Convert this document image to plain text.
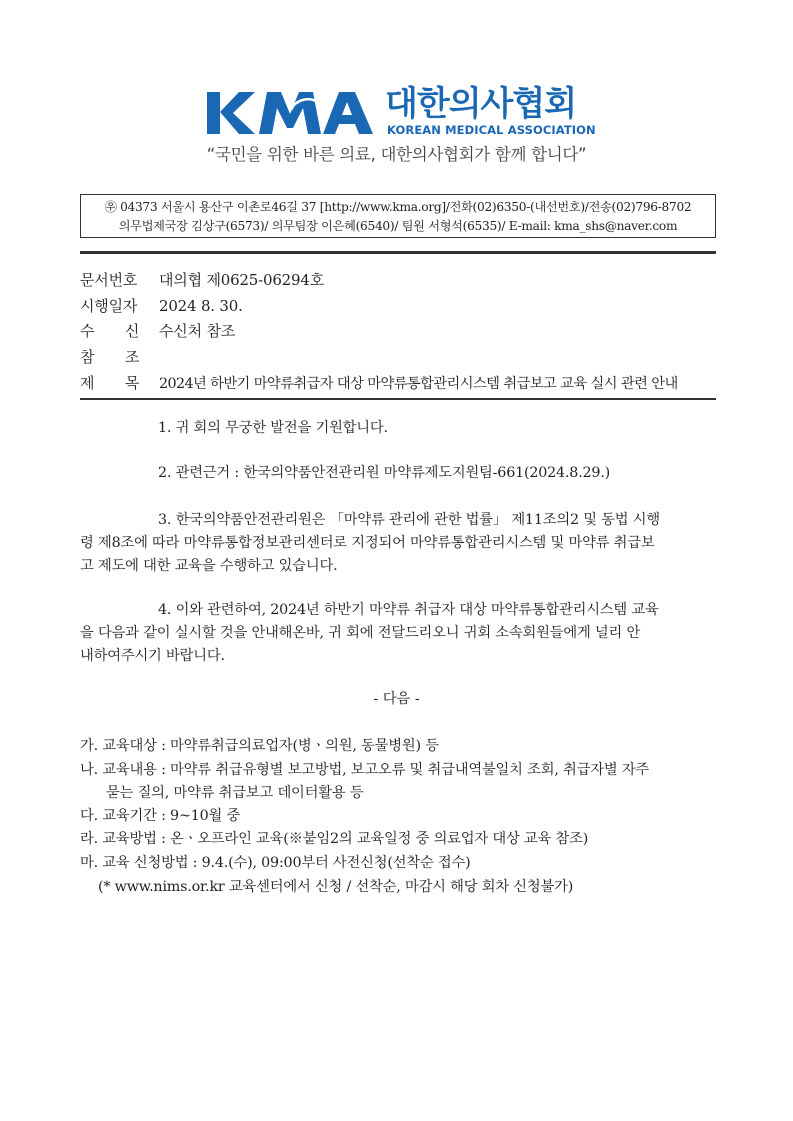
대한의사협회
KOREAN MEDICAL ASSOCIATION
“국민을 위한 바른 의료, 대한의사협회가 함께 합니다”
㉾ 04373 서울시 용산구 이촌로46길 37 [http://www.kma.org]/전화(02)6350-(내선번호)/전송(02)796-8702
의무법제국장 김상구(6573)/ 의무팀장 이은혜(6540)/ 팀원 서형석(6535)/ E-mail: kma_shs@naver.com
문서번호 대의협 제0625-06294호
시행일자 2024 8. 30.
수 신 수신처 참조
참 조
제 목 2024년 하반기 마약류취급자 대상 마약류통합관리시스템 취급보고 교육 실시 관련 안내
1. 귀 회의 무궁한 발전을 기원합니다.
2. 관련근거 : 한국의약품안전관리원 마약류제도지원팀-661(2024.8.29.)
3. 한국의약품안전관리원은 「마약류 관리에 관한 법률」 제11조의2 및 동법 시행
령 제8조에 따라 마약류통합정보관리센터로 지정되어 마약류통합관리시스템 및 마약류 취급보
고 제도에 대한 교육을 수행하고 있습니다.
4. 이와 관련하여, 2024년 하반기 마약류 취급자 대상 마약류통합관리시스템 교육
을 다음과 같이 실시할 것을 안내해온바, 귀 회에 전달드리오니 귀회 소속회원들에게 널리 안
내하여주시기 바랍니다.
- 다음 -
가. 교육대상 : 마약류취급의료업자(병ㆍ의원, 동물병원) 등
나. 교육내용 : 마약류 취급유형별 보고방법, 보고오류 및 취급내역불일치 조회, 취급자별 자주
묻는 질의, 마약류 취급보고 데이터활용 등
다. 교육기간 : 9~10월 중
라. 교육방법 : 온ㆍ오프라인 교육(※붙임2의 교육일정 중 의료업자 대상 교육 참조)
마. 교육 신청방법 : 9.4.(수), 09:00부터 사전신청(선착순 접수)
(* www.nims.or.kr 교육센터에서 신청 / 선착순, 마감시 해당 회차 신청불가)
